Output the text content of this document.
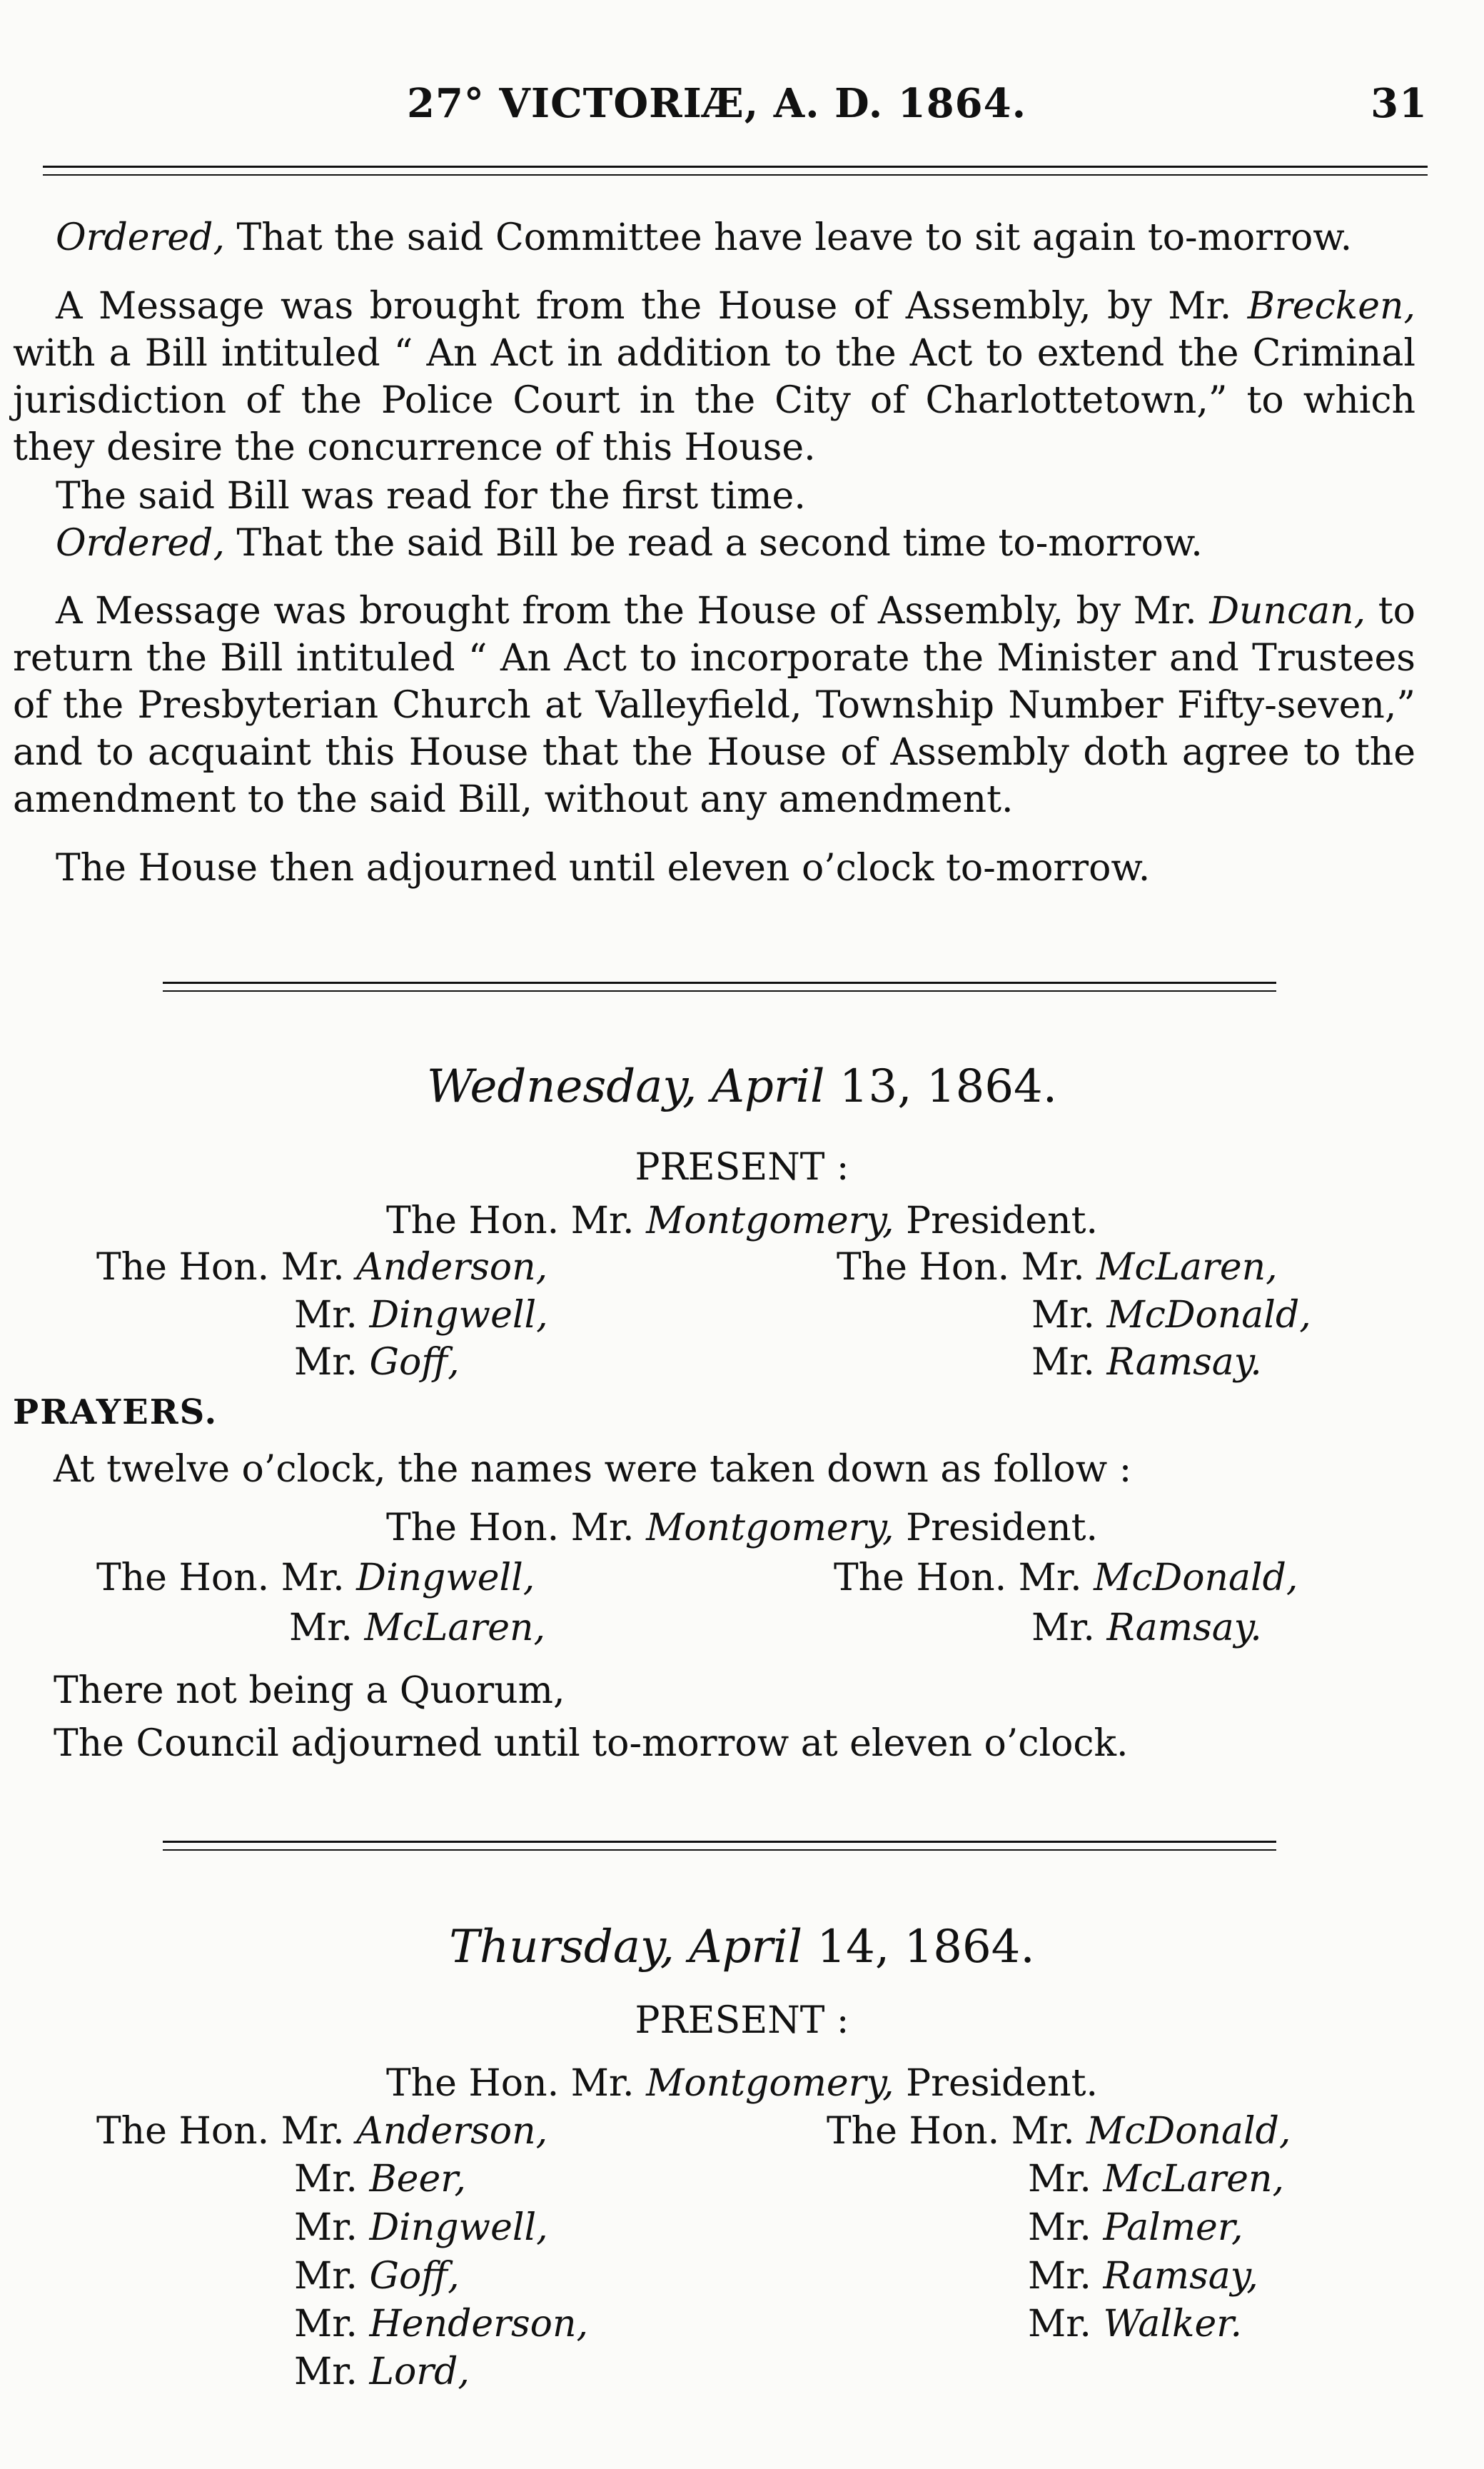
27° VICTORIÆ, A. D. 1864.	31
Ordered, That the said Committee have leave to sit again to-morrow.
A Message was brought from the House of Assembly, by Mr. Brecken, with a Bill intituled “ An Act in addition to the Act to extend the Criminal jurisdiction of the Police Court in the City of Charlottetown,” to which they desire the concurrence of this House.
The said Bill was read for the first time.
Ordered, That the said Bill be read a second time to-morrow.
A Message was brought from the House of Assembly, by Mr. Duncan, to return the Bill intituled “ An Act to incorporate the Minister and Trustees of the Presbyterian Church at Valleyfield, Township Number Fifty-seven,” and to acquaint this House that the House of Assembly doth agree to the amendment to the said Bill, without any amendment.
The House then adjourned until eleven o’clock to-morrow.
Wednesday, April 13, 1864.
PRESENT :
The Hon. Mr. Montgomery, President.
The Hon. Mr. Anderson,
Mr. Dingwell,
Mr. Goff,
The Hon. Mr. McLaren,
Mr. McDonald,
Mr. Ramsay.
PRAYERS.
At twelve o’clock, the names were taken down as follow :
The Hon. Mr. Montgomery, President.
The Hon. Mr. Dingwell,
Mr. McLaren,
The Hon. Mr. McDonald,
Mr. Ramsay.
There not being a Quorum,
The Council adjourned until to-morrow at eleven o’clock.
Thursday, April 14, 1864.
PRESENT :
The Hon. Mr. Montgomery, President.
The Hon. Mr. Anderson,
Mr. Beer,
Mr. Dingwell,
Mr. Goff,
Mr. Henderson,
Mr. Lord,
The Hon. Mr. McDonald,
Mr. McLaren,
Mr. Palmer,
Mr. Ramsay,
Mr. Walker.
